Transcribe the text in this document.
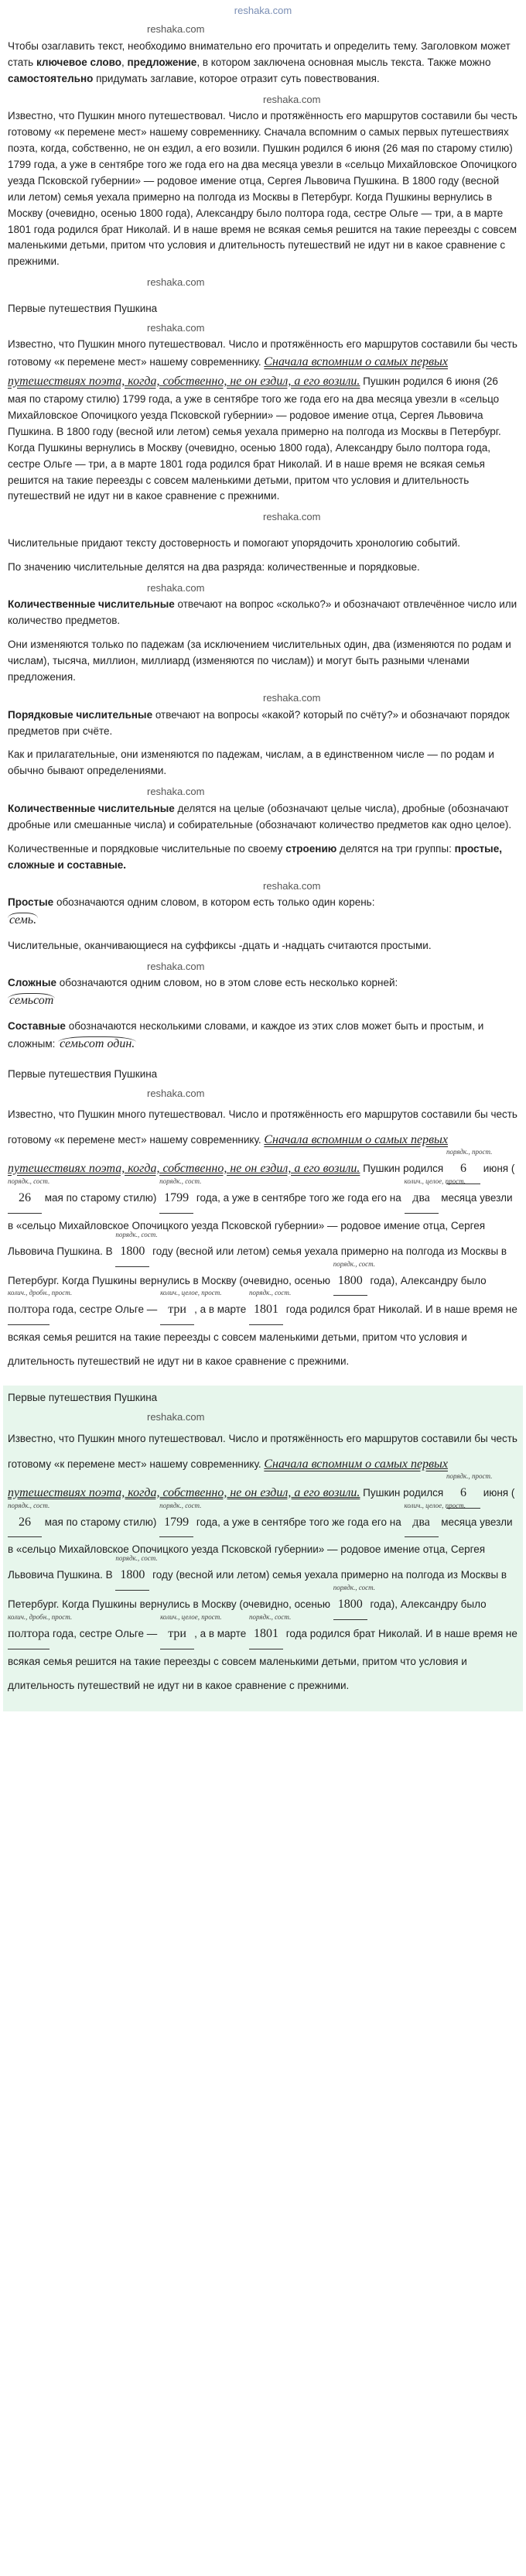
reshaka.com
reshaka.com

Чтобы озаглавить текст, необходимо внимательно его прочитать и определить тему. Заголовком может стать ключевое слово, предложение, в котором заключена основная мысль текста. Также можно самостоятельно придумать заглавие, которое отразит суть повествования.

reshaka.com

Известно, что Пушкин много путешествовал. Число и протяжённость его маршрутов составили бы честь готовому «к перемене мест» нашему современнику. Сначала вспомним о самых первых путешествиях поэта, когда, собственно, не он ездил, а его возили. Пушкин родился 6 июня (26 мая по старому стилю) 1799 года, а уже в сентябре того же года его на два месяца увезли в «сельцо Михайловское Опочицкого уезда Псковской губернии» — родовое имение отца, Сергея Львовича Пушкина. В 1800 году (весной или летом) семья уехала примерно на полгода из Москвы в Петербург. Когда Пушкины вернулись в Москву (очевидно, осенью 1800 года), Александру было полтора года, сестре Ольге — три, а в марте 1801 года родился брат Николай. И в наше время не всякая семья решится на такие переезды с совсем маленькими детьми, притом что условия и длительность путешествий не идут ни в какое сравнение с прежними.

reshaka.com

Первые путешествия Пушкина

reshaka.com

Известно, что Пушкин много путешествовал. Число и протяжённость его маршрутов составили бы честь готовому «к перемене мест» нашему современнику. Сначала вспомним о самых первых путешествиях поэта, когда, собственно, не он ездил, а его возили. Пушкин родился 6 июня (26 мая по старому стилю) 1799 года, а уже в сентябре того же года его на два месяца увезли в «сельцо Михайловское Опочицкого уезда Псковской губернии» — родовое имение отца, Сергея Львовича Пушкина. В 1800 году (весной или летом) семья уехала примерно на полгода из Москвы в Петербург. Когда Пушкины вернулись в Москву (очевидно, осенью 1800 года), Александру было полтора года, сестре Ольге — три, а в марте 1801 года родился брат Николай. И в наше время не всякая семья решится на такие переезды с совсем маленькими детьми, притом что условия и длительность путешествий не идут ни в какое сравнение с прежними.

reshaka.com

Числительные придают тексту достоверность и помогают упорядочить хронологию событий.

По значению числительные делятся на два разряда: количественные и порядковые.

reshaka.com

Количественные числительные отвечают на вопрос «сколько?» и обозначают отвлечённое число или количество предметов.

Они изменяются только по падежам (за исключением числительных один, два (изменяются по родам и числам), тысяча, миллион, миллиард (изменяются по числам)) и могут быть разными членами предложения.

reshaka.com

Порядковые числительные отвечают на вопросы «какой? который по счёту?» и обозначают порядок предметов при счёте.

Как и прилагательные, они изменяются по падежам, числам, а в единственном числе — по родам и обычно бывают определениями.

reshaka.com

Количественные числительные делятся на целые (обозначают целые числа), дробные (обозначают дробные или смешанные числа) и собирательные (обозначают количество предметов как одно целое).

Количественные и порядковые числительные по своему строению делятся на три группы: простые, сложные и составные.

reshaka.com

Простые обозначаются одним словом, в котором есть только один корень:
семь.

Числительные, оканчивающиеся на суффиксы -дцать и -надцать считаются простыми.

reshaka.com

Сложные обозначаются одним словом, но в этом слове есть несколько корней:
семьсот

Составные обозначаются несколькими словами, и каждое из этих слов может быть и простым, и сложным: семьсот один.

Первые путешествия Пушкина

reshaka.com

Известно, что Пушкин много путешествовал. Число и протяжённость его маршрутов составили бы честь готовому «к перемене мест» нашему современнику. Сначала вспомним о самых первых путешествиях поэта, когда, собственно, не он ездил, а его возили. Пушкин родился
порядк., прост.
6 июня (
порядк., сост.
26 мая по старому стилю)
порядк., сост.
1799 года, а уже в сентябре того же года его на
колич., целое, прост.
два месяца увезли в «сельцо Михайловское Опочицкого уезда Псковской губернии» — родовое имение отца, Сергея Львовича Пушкина. В
порядк., сост.
1800 году (весной или летом) семья уехала примерно на полгода из Москвы в Петербург. Когда Пушкины вернулись в Москву (очевидно, осенью
порядк., сост.
1800 года), Александру было
колич., дробн., прост.
полтора года, сестре Ольге —
колич., целое, прост.
три , а в марте
порядк., сост.
1801 года родился брат Николай. И в наше время не всякая семья решится на такие переезды с совсем маленькими детьми, притом что условия и длительность путешествий не идут ни в какое сравнение с прежними.

Первые путешествия Пушкина

reshaka.com

Известно, что Пушкин много путешествовал. Число и протяжённость его маршрутов составили бы честь готовому «к перемене мест» нашему современнику. Сначала вспомним о самых первых путешествиях поэта, когда, собственно, не он ездил, а его возили. Пушкин родился
порядк., прост.
6 июня (
порядк., сост.
26 мая по старому стилю)
порядк., сост.
1799 года, а уже в сентябре того же года его на
колич., целое, прост.
два месяца увезли в «сельцо Михайловское Опочицкого уезда Псковской губернии» — родовое имение отца, Сергея Львовича Пушкина. В
порядк., сост.
1800 году (весной или летом) семья уехала примерно на полгода из Москвы в Петербург. Когда Пушкины вернулись в Москву (очевидно, осенью
порядк., сост.
1800 года), Александру было
колич., дробн., прост.
полтора года, сестре Ольге —
колич., целое, прост.
три , а в марте
порядк., сост.
1801 года родился брат Николай. И в наше время не всякая семья решится на такие переезды с совсем маленькими детьми, притом что условия и длительность путешествий не идут ни в какое сравнение с прежними.
